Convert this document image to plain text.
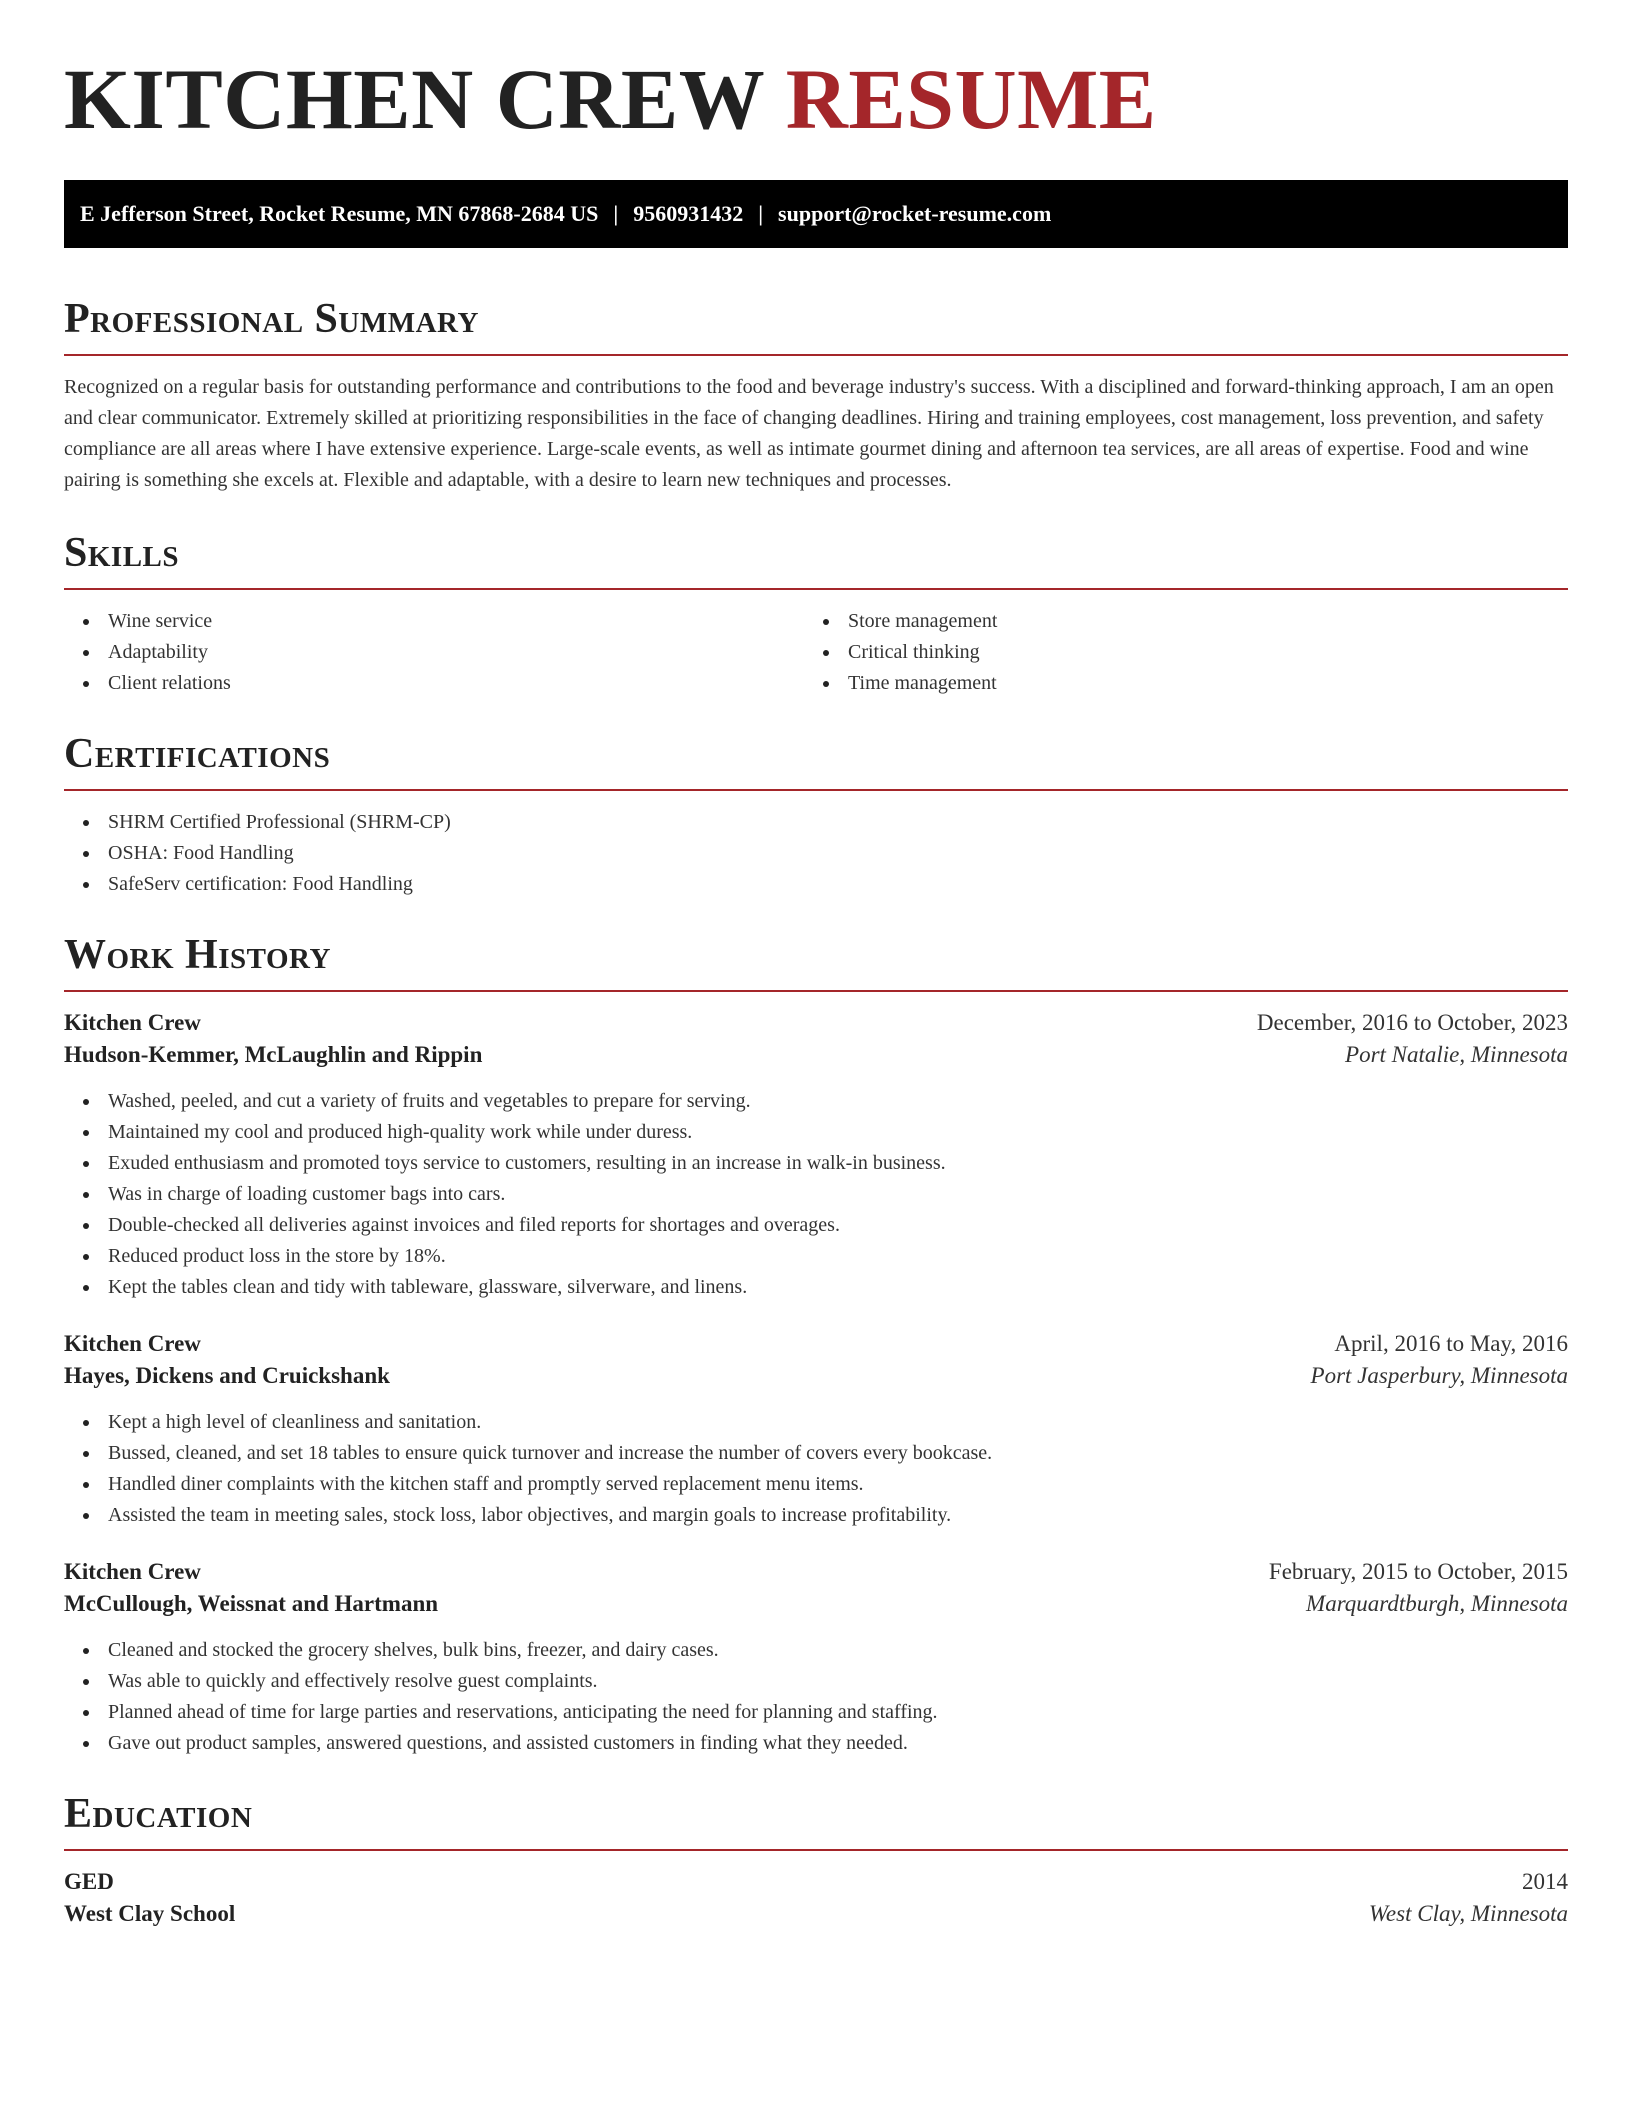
KITCHEN CREW RESUME
E Jefferson Street, Rocket Resume, MN 67868-2684 US | 9560931432 | support@rocket-resume.com
Professional Summary

Recognized on a regular basis for outstanding performance and contributions to the food and beverage industry's success. With a disciplined and forward-thinking approach, I am an open and clear communicator. Extremely skilled at prioritizing responsibilities in the face of changing deadlines. Hiring and training employees, cost management, loss prevention, and safety compliance are all areas where I have extensive experience. Large-scale events, as well as intimate gourmet dining and afternoon tea services, are all areas of expertise. Food and wine pairing is something she excels at. Flexible and adaptable, with a desire to learn new techniques and processes.

Skills
Wine service
Adaptability
Client relations
Store management
Critical thinking
Time management
Certifications
SHRM Certified Professional (SHRM-CP)
OSHA: Food Handling
SafeServ certification: Food Handling
Work History
Kitchen Crew	December, 2016 to October, 2023
Hudson-Kemmer, McLaughlin and Rippin	Port Natalie, Minnesota
Washed, peeled, and cut a variety of fruits and vegetables to prepare for serving.
Maintained my cool and produced high-quality work while under duress.
Exuded enthusiasm and promoted toys service to customers, resulting in an increase in walk-in business.
Was in charge of loading customer bags into cars.
Double-checked all deliveries against invoices and filed reports for shortages and overages.
Reduced product loss in the store by 18%.
Kept the tables clean and tidy with tableware, glassware, silverware, and linens.
Kitchen Crew	April, 2016 to May, 2016
Hayes, Dickens and Cruickshank	Port Jasperbury, Minnesota
Kept a high level of cleanliness and sanitation.
Bussed, cleaned, and set 18 tables to ensure quick turnover and increase the number of covers every bookcase.
Handled diner complaints with the kitchen staff and promptly served replacement menu items.
Assisted the team in meeting sales, stock loss, labor objectives, and margin goals to increase profitability.
Kitchen Crew	February, 2015 to October, 2015
McCullough, Weissnat and Hartmann	Marquardtburgh, Minnesota
Cleaned and stocked the grocery shelves, bulk bins, freezer, and dairy cases.
Was able to quickly and effectively resolve guest complaints.
Planned ahead of time for large parties and reservations, anticipating the need for planning and staffing.
Gave out product samples, answered questions, and assisted customers in finding what they needed.
Education
GED	2014
West Clay School	West Clay, Minnesota
